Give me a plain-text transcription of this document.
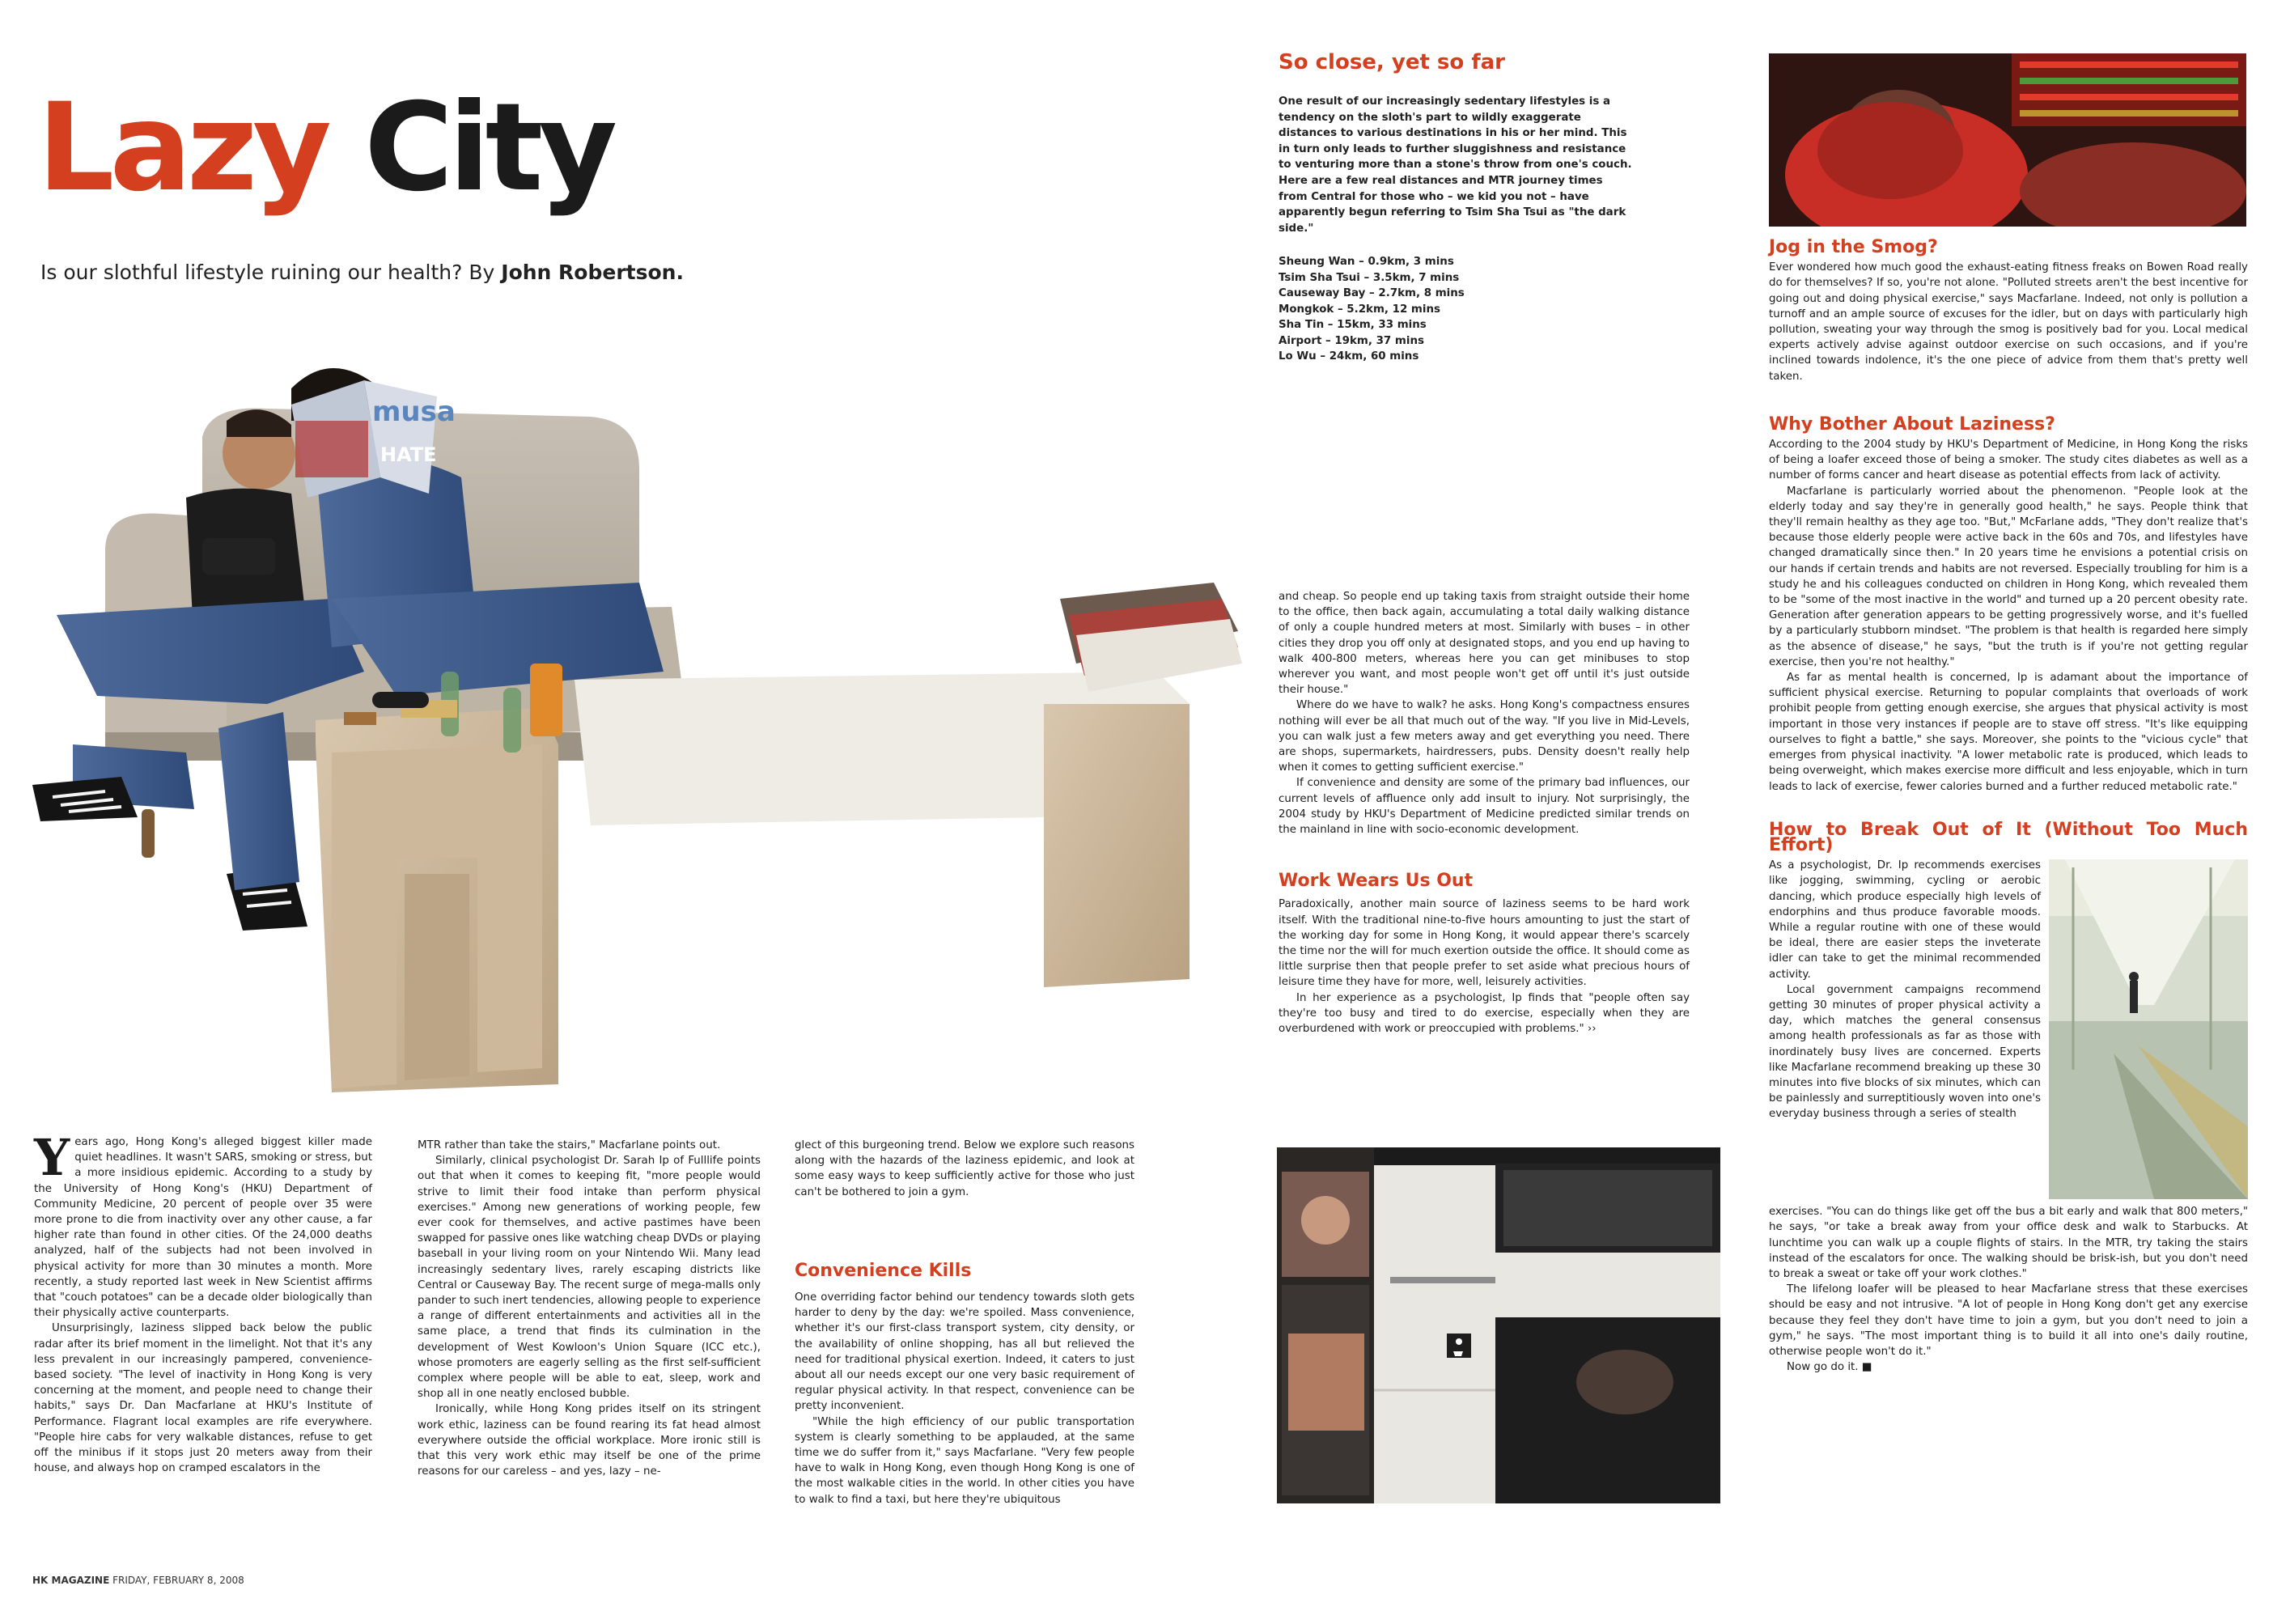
Lazy City
Is our slothful lifestyle ruining our health? By John Robertson.
musa
HATE

Years ago, Hong Kong's alleged biggest killer made quiet headlines. It wasn't SARS, smoking or stress, but a more insidious epidemic. According to a study by the University of Hong Kong's (HKU) Department of Community Medicine, 20 percent of people over 35 were more prone to die from inactivity over any other cause, a far higher rate than found in other cities. Of the 24,000 deaths analyzed, half of the subjects had not been involved in physical activity for more than 30 minutes a month. More recently, a study reported last week in New Scientist affirms that "couch potatoes" can be a decade older biologically than their physically active counterparts.

Unsurprisingly, laziness slipped back below the public radar after its brief moment in the limelight. Not that it's any less prevalent in our increasingly pampered, convenience-based society. "The level of inactivity in Hong Kong is very concerning at the moment, and people need to change their habits," says Dr. Dan Macfarlane at HKU's Institute of Performance. Flagrant local examples are rife everywhere. "People hire cabs for very walkable distances, refuse to get off the minibus if it stops just 20 meters away from their house, and always hop on cramped escalators in the

MTR rather than take the stairs," Macfarlane points out.

Similarly, clinical psychologist Dr. Sarah Ip of Fulllife points out that when it comes to keeping fit, "more people would strive to limit their food intake than perform physical exercises." Among new generations of working people, few ever cook for themselves, and active pastimes have been swapped for passive ones like watching cheap DVDs or playing baseball in your living room on your Nintendo Wii. Many lead increasingly sedentary lives, rarely escaping districts like Central or Causeway Bay. The recent surge of mega-malls only pander to such inert tendencies, allowing people to experience a range of different entertainments and activities all in the same place, a trend that finds its culmination in the development of West Kowloon's Union Square (ICC etc.), whose promoters are eagerly selling as the first self-sufficient complex where people will be able to eat, sleep, work and shop all in one neatly enclosed bubble.

Ironically, while Hong Kong prides itself on its stringent work ethic, laziness can be found rearing its fat head almost everywhere outside the official workplace. More ironic still is that this very work ethic may itself be one of the prime reasons for our careless – and yes, lazy – ne-

glect of this burgeoning trend. Below we explore such reasons along with the hazards of the laziness epidemic, and look at some easy ways to keep sufficiently active for those who just can't be bothered to join a gym.

Convenience Kills

One overriding factor behind our tendency towards sloth gets harder to deny by the day: we're spoiled. Mass convenience, whether it's our first-class transport system, city density, or the availability of online shopping, has all but relieved the need for traditional physical exertion. Indeed, it caters to just about all our needs except our one very basic requirement of regular physical activity. In that respect, convenience can be pretty inconvenient.

"While the high efficiency of our public transportation system is clearly something to be applauded, at the same time we do suffer from it," says Macfarlane. "Very few people have to walk in Hong Kong, even though Hong Kong is one of the most walkable cities in the world. In other cities you have to walk to find a taxi, but here they're ubiquitous

So close, yet so far
One result of our increasingly sedentary lifestyles is a tendency on the sloth's part to wildly exaggerate distances to various destinations in his or her mind. This in turn only leads to further sluggishness and resistance to venturing more than a stone's throw from one's couch. Here are a few real distances and MTR journey times from Central for those who – we kid you not – have apparently begun referring to Tsim Sha Tsui as "the dark side."
Sheung Wan – 0.9km, 3 mins
Tsim Sha Tsui – 3.5km, 7 mins
Causeway Bay – 2.7km, 8 mins
Mongkok – 5.2km, 12 mins
Sha Tin – 15km, 33 mins
Airport – 19km, 37 mins
Lo Wu – 24km, 60 mins

and cheap. So people end up taking taxis from straight outside their home to the office, then back again, accumulating a total daily walking distance of only a couple hundred meters at most. Similarly with buses – in other cities they drop you off only at designated stops, and you end up having to walk 400-800 meters, whereas here you can get minibuses to stop wherever you want, and most people won't get off until it's just outside their house."

Where do we have to walk? he asks. Hong Kong's compactness ensures nothing will ever be all that much out of the way. "If you live in Mid-Levels, you can walk just a few meters away and get everything you need. There are shops, supermarkets, hairdressers, pubs. Density doesn't really help when it comes to getting sufficient exercise."

If convenience and density are some of the primary bad influences, our current levels of affluence only add insult to injury. Not surprisingly, the 2004 study by HKU's Department of Medicine predicted similar trends on the mainland in line with socio-economic development.

Work Wears Us Out

Paradoxically, another main source of laziness seems to be hard work itself. With the traditional nine-to-five hours amounting to just the start of the working day for some in Hong Kong, it would appear there's scarcely the time nor the will for much exertion outside the office. It should come as little surprise then that people prefer to set aside what precious hours of leisure time they have for more, well, leisurely activities.

In her experience as a psychologist, Ip finds that "people often say they're too busy and tired to do exercise, especially when they are overburdened with work or preoccupied with problems." ››

Jog in the Smog?

Ever wondered how much good the exhaust-eating fitness freaks on Bowen Road really do for themselves? If so, you're not alone. "Polluted streets aren't the best incentive for going out and doing physical exercise," says Macfarlane. Indeed, not only is pollution a turnoff and an ample source of excuses for the idler, but on days with particularly high pollution, sweating your way through the smog is positively bad for you. Local medical experts actively advise against outdoor exercise on such occasions, and if you're inclined towards indolence, it's the one piece of advice from them that's pretty well taken.

Why Bother About Laziness?

According to the 2004 study by HKU's Department of Medicine, in Hong Kong the risks of being a loafer exceed those of being a smoker. The study cites diabetes as well as a number of forms cancer and heart disease as potential effects from lack of activity.

Macfarlane is particularly worried about the phenomenon. "People look at the elderly today and say they're in generally good health," he says. People think that they'll remain healthy as they age too. "But," McFarlane adds, "They don't realize that's because those elderly people were active back in the 60s and 70s, and lifestyles have changed dramatically since then." In 20 years time he envisions a potential crisis on our hands if certain trends and habits are not reversed. Especially troubling for him is a study he and his colleagues conducted on children in Hong Kong, which revealed them to be "some of the most inactive in the world" and turned up a 20 percent obesity rate. Generation after generation appears to be getting progressively worse, and it's fuelled by a particularly stubborn mindset. "The problem is that health is regarded here simply as the absence of disease," he says, "but the truth is if you're not getting regular exercise, then you're not healthy."

As far as mental health is concerned, Ip is adamant about the importance of sufficient physical exercise. Returning to popular complaints that overloads of work prohibit people from getting enough exercise, she argues that physical activity is most important in those very instances if people are to stave off stress. "It's like equipping ourselves to fight a battle," she says. Moreover, she points to the "vicious cycle" that emerges from physical inactivity. "A lower metabolic rate is produced, which leads to being overweight, which makes exercise more difficult and less enjoyable, which in turn leads to lack of exercise, fewer calories burned and a further reduced metabolic rate."

How to Break Out of It (Without Too Much Effort)

As a psychologist, Dr. Ip recommends exercises like jogging, swimming, cycling or aerobic dancing, which produce especially high levels of endorphins and thus produce favorable moods. While a regular routine with one of these would be ideal, there are easier steps the inveterate idler can take to get the minimal recommended activity.

Local government campaigns recommend getting 30 minutes of proper physical activity a day, which matches the general consensus among health professionals as far as those with inordinately busy lives are concerned. Experts like Macfarlane recommend breaking up these 30 minutes into five blocks of six minutes, which can be painlessly and surreptitiously woven into one's everyday business through a series of stealth

exercises. "You can do things like get off the bus a bit early and walk that 800 meters," he says, "or take a break away from your office desk and walk to Starbucks. At lunchtime you can walk up a couple flights of stairs. In the MTR, try taking the stairs instead of the escalators for once. The walking should be brisk-ish, but you don't need to break a sweat or take off your work clothes."

The lifelong loafer will be pleased to hear Macfarlane stress that these exercises should be easy and not intrusive. "A lot of people in Hong Kong don't get any exercise because they feel they don't have time to join a gym, but you don't need to join a gym," he says. "The most important thing is to build it all into one's daily routine, otherwise people won't do it."

Now go do it. ■

HK MAGAZINE FRIDAY, FEBRUARY 8, 2008
